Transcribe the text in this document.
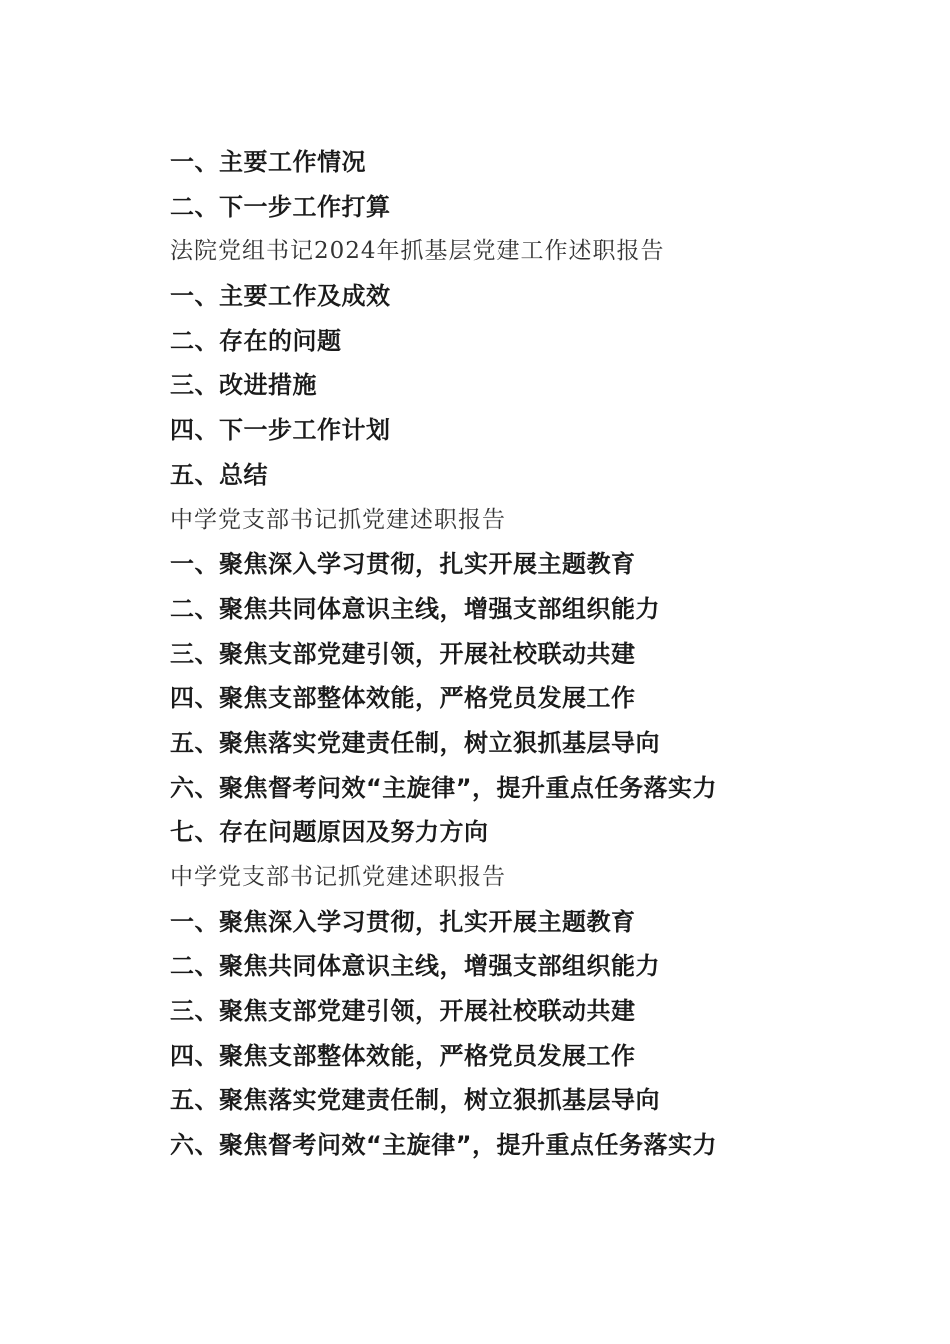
一、主要工作情况
二、下一步工作打算
法院党组书记2024年抓基层党建工作述职报告
一、主要工作及成效
二、存在的问题
三、改进措施
四、下一步工作计划
五、总结
中学党支部书记抓党建述职报告
一、聚焦深入学习贯彻，扎实开展主题教育
二、聚焦共同体意识主线，增强支部组织能力
三、聚焦支部党建引领，开展社校联动共建
四、聚焦支部整体效能，严格党员发展工作
五、聚焦落实党建责任制，树立狠抓基层导向
六、聚焦督考问效“主旋律”，提升重点任务落实力
七、存在问题原因及努力方向
中学党支部书记抓党建述职报告
一、聚焦深入学习贯彻，扎实开展主题教育
二、聚焦共同体意识主线，增强支部组织能力
三、聚焦支部党建引领，开展社校联动共建
四、聚焦支部整体效能，严格党员发展工作
五、聚焦落实党建责任制，树立狠抓基层导向
六、聚焦督考问效“主旋律”，提升重点任务落实力
